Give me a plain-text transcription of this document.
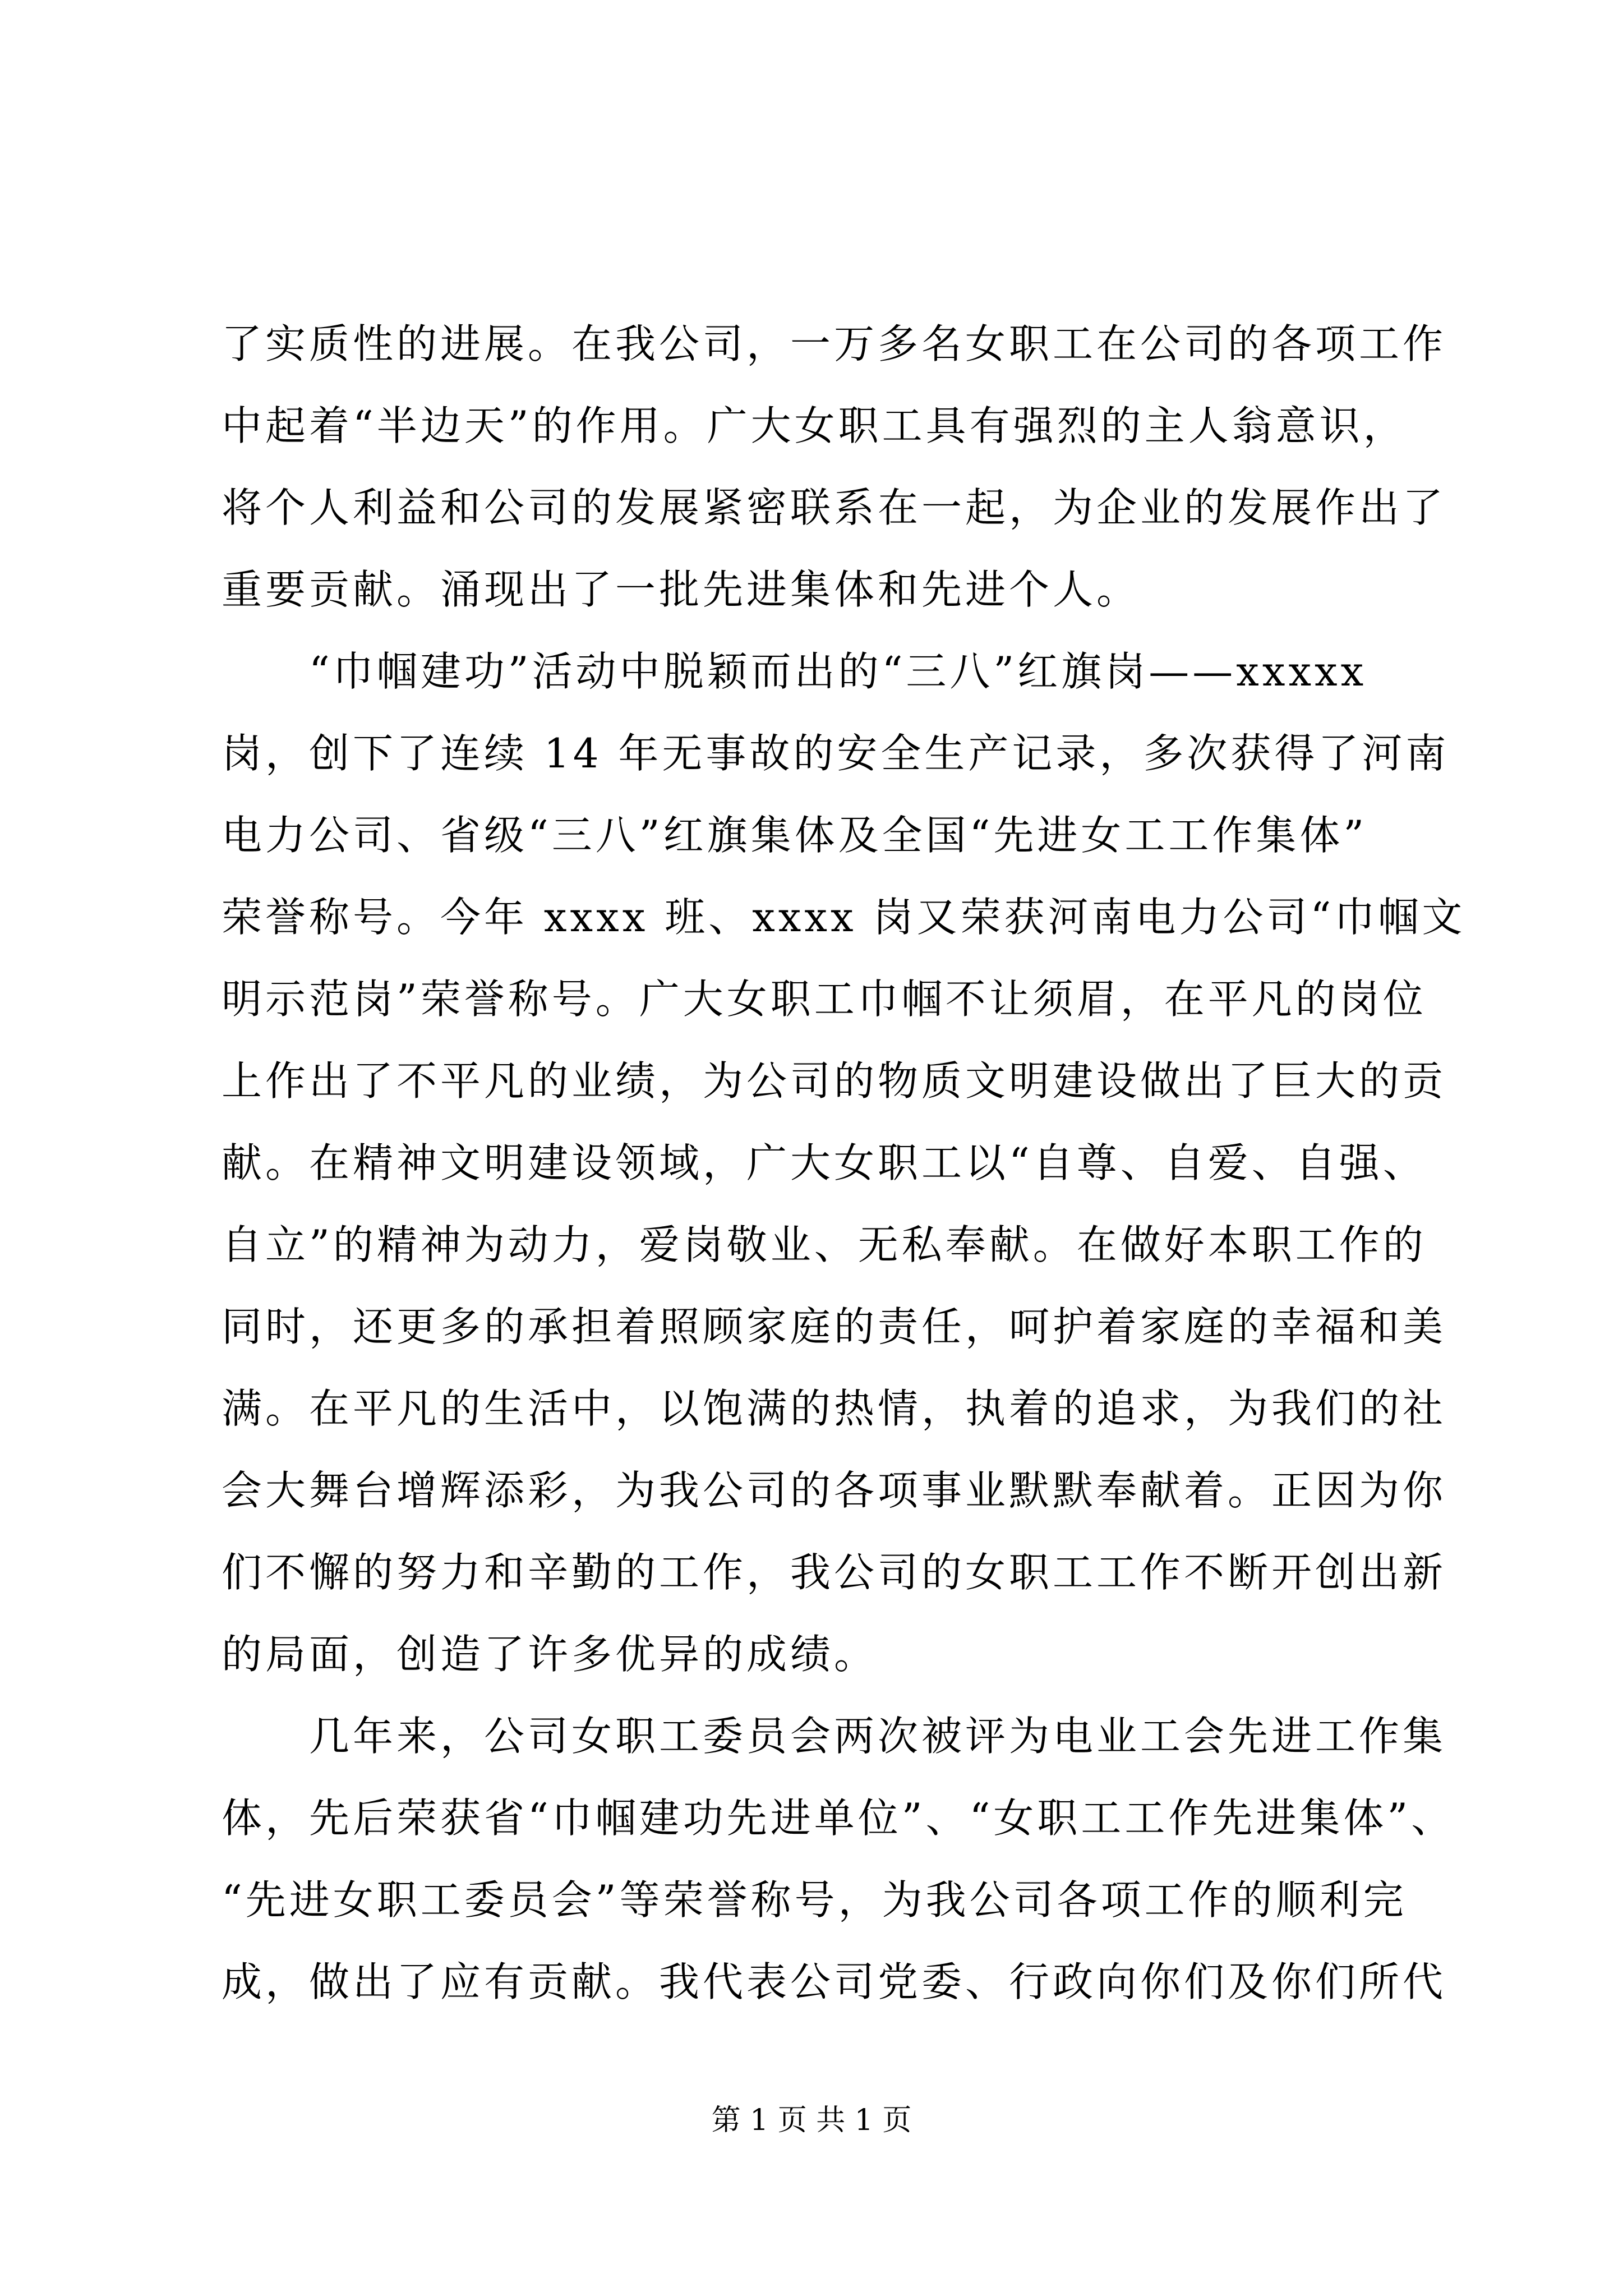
了实质性的进展。在我公司，一万多名女职工在公司的各项工作
中起着“半边天”的作用。广大女职工具有强烈的主人翁意识，
将个人利益和公司的发展紧密联系在一起，为企业的发展作出了
重要贡献。涌现出了一批先进集体和先进个人。
　　“巾帼建功”活动中脱颖而出的“三八”红旗岗——xxxxx
岗，创下了连续 14 年无事故的安全生产记录，多次获得了河南
电力公司、省级“三八”红旗集体及全国“先进女工工作集体”
荣誉称号。今年 xxxx 班、xxxx 岗又荣获河南电力公司“巾帼文
明示范岗”荣誉称号。广大女职工巾帼不让须眉，在平凡的岗位
上作出了不平凡的业绩，为公司的物质文明建设做出了巨大的贡
献。在精神文明建设领域，广大女职工以“自尊、自爱、自强、
自立”的精神为动力，爱岗敬业、无私奉献。在做好本职工作的
同时，还更多的承担着照顾家庭的责任，呵护着家庭的幸福和美
满。在平凡的生活中，以饱满的热情，执着的追求，为我们的社
会大舞台增辉添彩，为我公司的各项事业默默奉献着。正因为你
们不懈的努力和辛勤的工作，我公司的女职工工作不断开创出新
的局面，创造了许多优异的成绩。
　　几年来，公司女职工委员会两次被评为电业工会先进工作集
体，先后荣获省“巾帼建功先进单位”、“女职工工作先进集体”、
“先进女职工委员会”等荣誉称号，为我公司各项工作的顺利完
成，做出了应有贡献。我代表公司党委、行政向你们及你们所代
第 1 页 共 1 页
